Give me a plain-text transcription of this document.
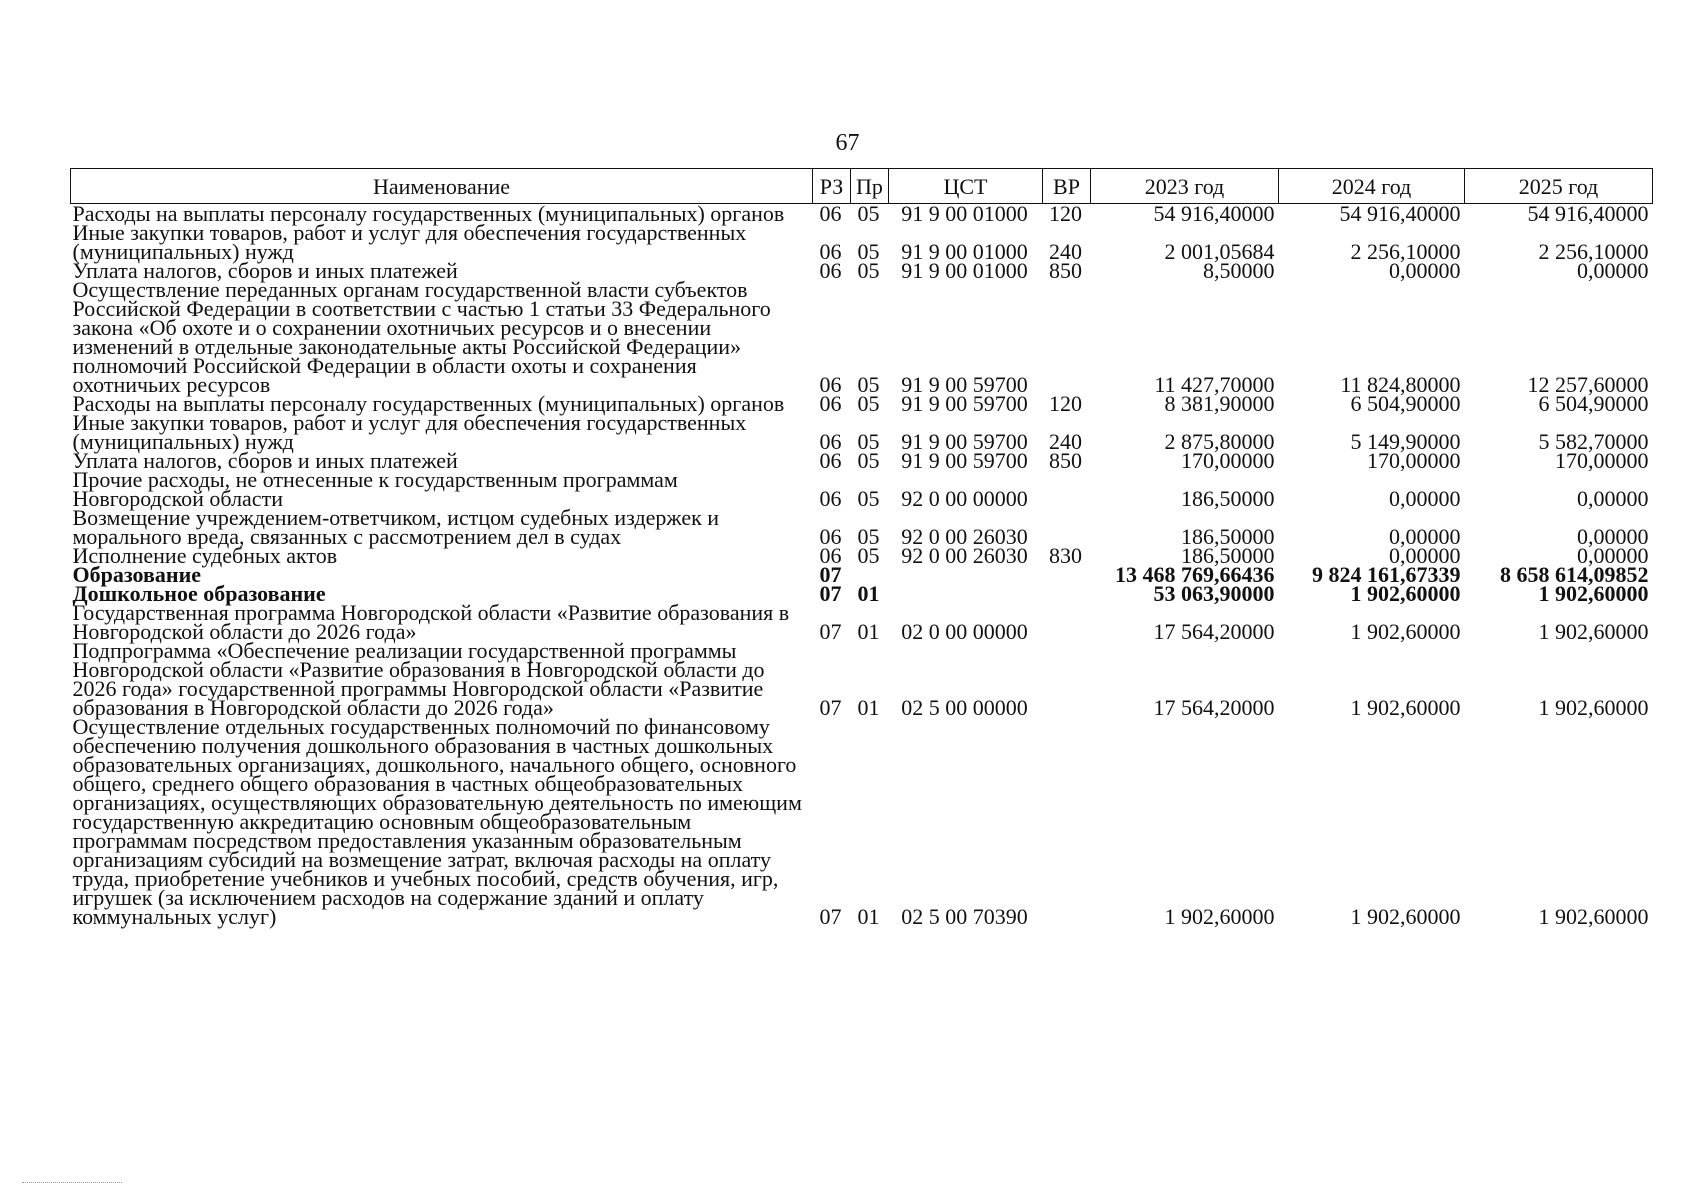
67
Наименование	РЗ	Пр	ЦСТ	ВР	2023 год	2024 год	2025 год
Расходы на выплаты персоналу государственных (муниципальных) органов	06	05	91 9 00 01000	120	54 916,40000	54 916,40000	54 916,40000
Иные закупки товаров, работ и услуг для обеспечения государственных (муниципальных) нужд	06	05	91 9 00 01000	240	2 001,05684	2 256,10000	2 256,10000
Уплата налогов, сборов и иных платежей	06	05	91 9 00 01000	850	8,50000	0,00000	0,00000
Осуществление переданных органам государственной власти субъектов Российской Федерации в соответствии с частью 1 статьи 33 Федерального закона «Об охоте и о сохранении охотничьих ресурсов и о внесении изменений в отдельные законодательные акты Российской Федерации» полномочий Российской Федерации в области охоты и сохранения охотничьих ресурсов	06	05	91 9 00 59700		11 427,70000	11 824,80000	12 257,60000
Расходы на выплаты персоналу государственных (муниципальных) органов	06	05	91 9 00 59700	120	8 381,90000	6 504,90000	6 504,90000
Иные закупки товаров, работ и услуг для обеспечения государственных (муниципальных) нужд	06	05	91 9 00 59700	240	2 875,80000	5 149,90000	5 582,70000
Уплата налогов, сборов и иных платежей	06	05	91 9 00 59700	850	170,00000	170,00000	170,00000
Прочие расходы, не отнесенные к государственным программам Новгородской области	06	05	92 0 00 00000		186,50000	0,00000	0,00000
Возмещение учреждением-ответчиком, истцом судебных издержек и морального вреда, связанных с рассмотрением дел в судах	06	05	92 0 00 26030		186,50000	0,00000	0,00000
Исполнение судебных актов	06	05	92 0 00 26030	830	186,50000	0,00000	0,00000
Образование	07				13 468 769,66436	9 824 161,67339	8 658 614,09852
Дошкольное образование	07	01			53 063,90000	1 902,60000	1 902,60000
Государственная программа Новгородской области «Развитие образования в Новгородской области до 2026 года»	07	01	02 0 00 00000		17 564,20000	1 902,60000	1 902,60000
Подпрограмма «Обеспечение реализации государственной программы Новгородской области «Развитие образования в Новгородской области до 2026 года» государственной программы Новгородской области «Развитие образования в Новгородской области до 2026 года»	07	01	02 5 00 00000		17 564,20000	1 902,60000	1 902,60000
Осуществление отдельных государственных полномочий по финансовому обеспечению получения дошкольного образования в частных дошкольных образовательных организациях, дошкольного, начального общего, основного общего, среднего общего образования в частных общеобразовательных организациях, осуществляющих образовательную деятельность по имеющим государственную аккредитацию основным общеобразовательным программам посредством предоставления указанным образовательным организациям субсидий на возмещение затрат, включая расходы на оплату труда, приобретение учебников и учебных пособий, средств обучения, игр, игрушек (за исключением расходов на содержание зданий и оплату коммунальных услуг)	07	01	02 5 00 70390		1 902,60000	1 902,60000	1 902,60000
